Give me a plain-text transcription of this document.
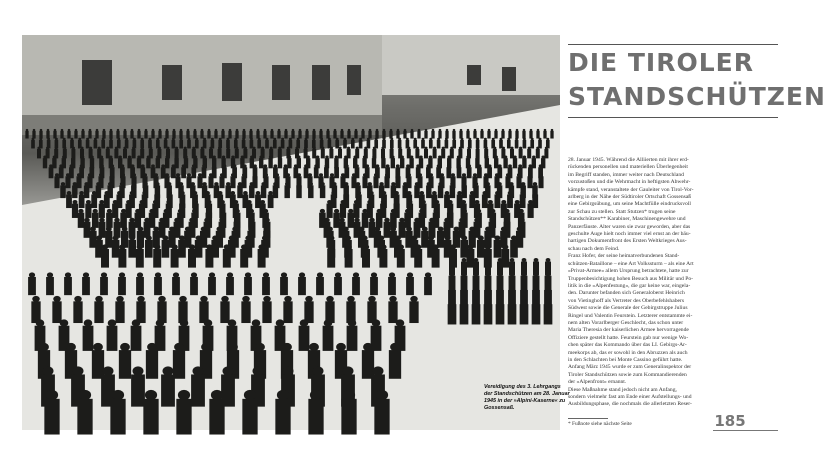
Vereidigung des 3. Lehrgangs
der Standschützen am 28. Januar
1945 in der »Alpini-Kaserne« zu
Gossensaß.
DIE TIROLER
STANDSCHÜTZEN
28. Januar 1945. Während die Alliierten mit ihrer erd-
rückenden personellen und materiellen Überlegenheit
im Begriff standen, immer weiter nach Deutschland
vorzustoßen und die Wehrmacht in heftigsten Abwehr-
kämpfe stand, veranstaltete der Gauleiter von Tirol-Vor-
arlberg in der Nähe der Südtiroler Ortschaft Gossensaß
eine Gebirgsübung, um seine Machtfülle eindrucksvoll
zur Schau zu stellen. Statt Stutzen* trugen seine
Standschützen** Karabiner, Maschinengewehre und
Panzerfäuste. Alter waren sie zwar geworden, aber das
geschulte Auge hielt noch immer viel ernst an der bäu-
hartigen Dokumentfront des Ersten Weltkrieges Aus-
schau nach dem Feind.
Franz Hofer, der seine heimatverbundenen Stand-
schützen-Bataillone – eine Art Volkssturm – als eine Art
»Privat-Armee« allem Ursprung betrachtete, hatte zur
Truppenbesichtigung hohen Besuch aus Militär und Po-
litik in die »Alpenfestung«, die gar keine war, eingela-
den. Darunter befanden sich Generaloberst Heinrich
von Vietinghoff als Vertreter des Oberbefehlshabers
Südwest sowie die Generale der Gebirgstruppe Julius
Ringel und Valentin Feurstein. Letzterer entstammte ei-
nem alten Vorarlberger Geschlecht, das schon unter
Maria Theresia der kaiserlichen Armee hervorragende
Offiziere gestellt hatte. Feurstein gab nur wenige Wo-
chen später das Kommando über das LI. Gebirgs-Ar-
meekorps ab, das er sowohl in den Abruzzen als auch
in den Schlachten bei Monte Cassino geführt hatte.
Anfang März 1945 wurde er zum Generalinspektor der
Tiroler Standschützen sowie zum Kommandierenden
der »Alpenfront« ernannt.
Diese Maßnahme stand jedoch nicht am Anfang,
sondern vielmehr fast am Ende einer Aufstellungs- und
Ausbildungsphase, die nochmals die allerletzten Reser-
* Fußnote siehe nächste Seite	185
